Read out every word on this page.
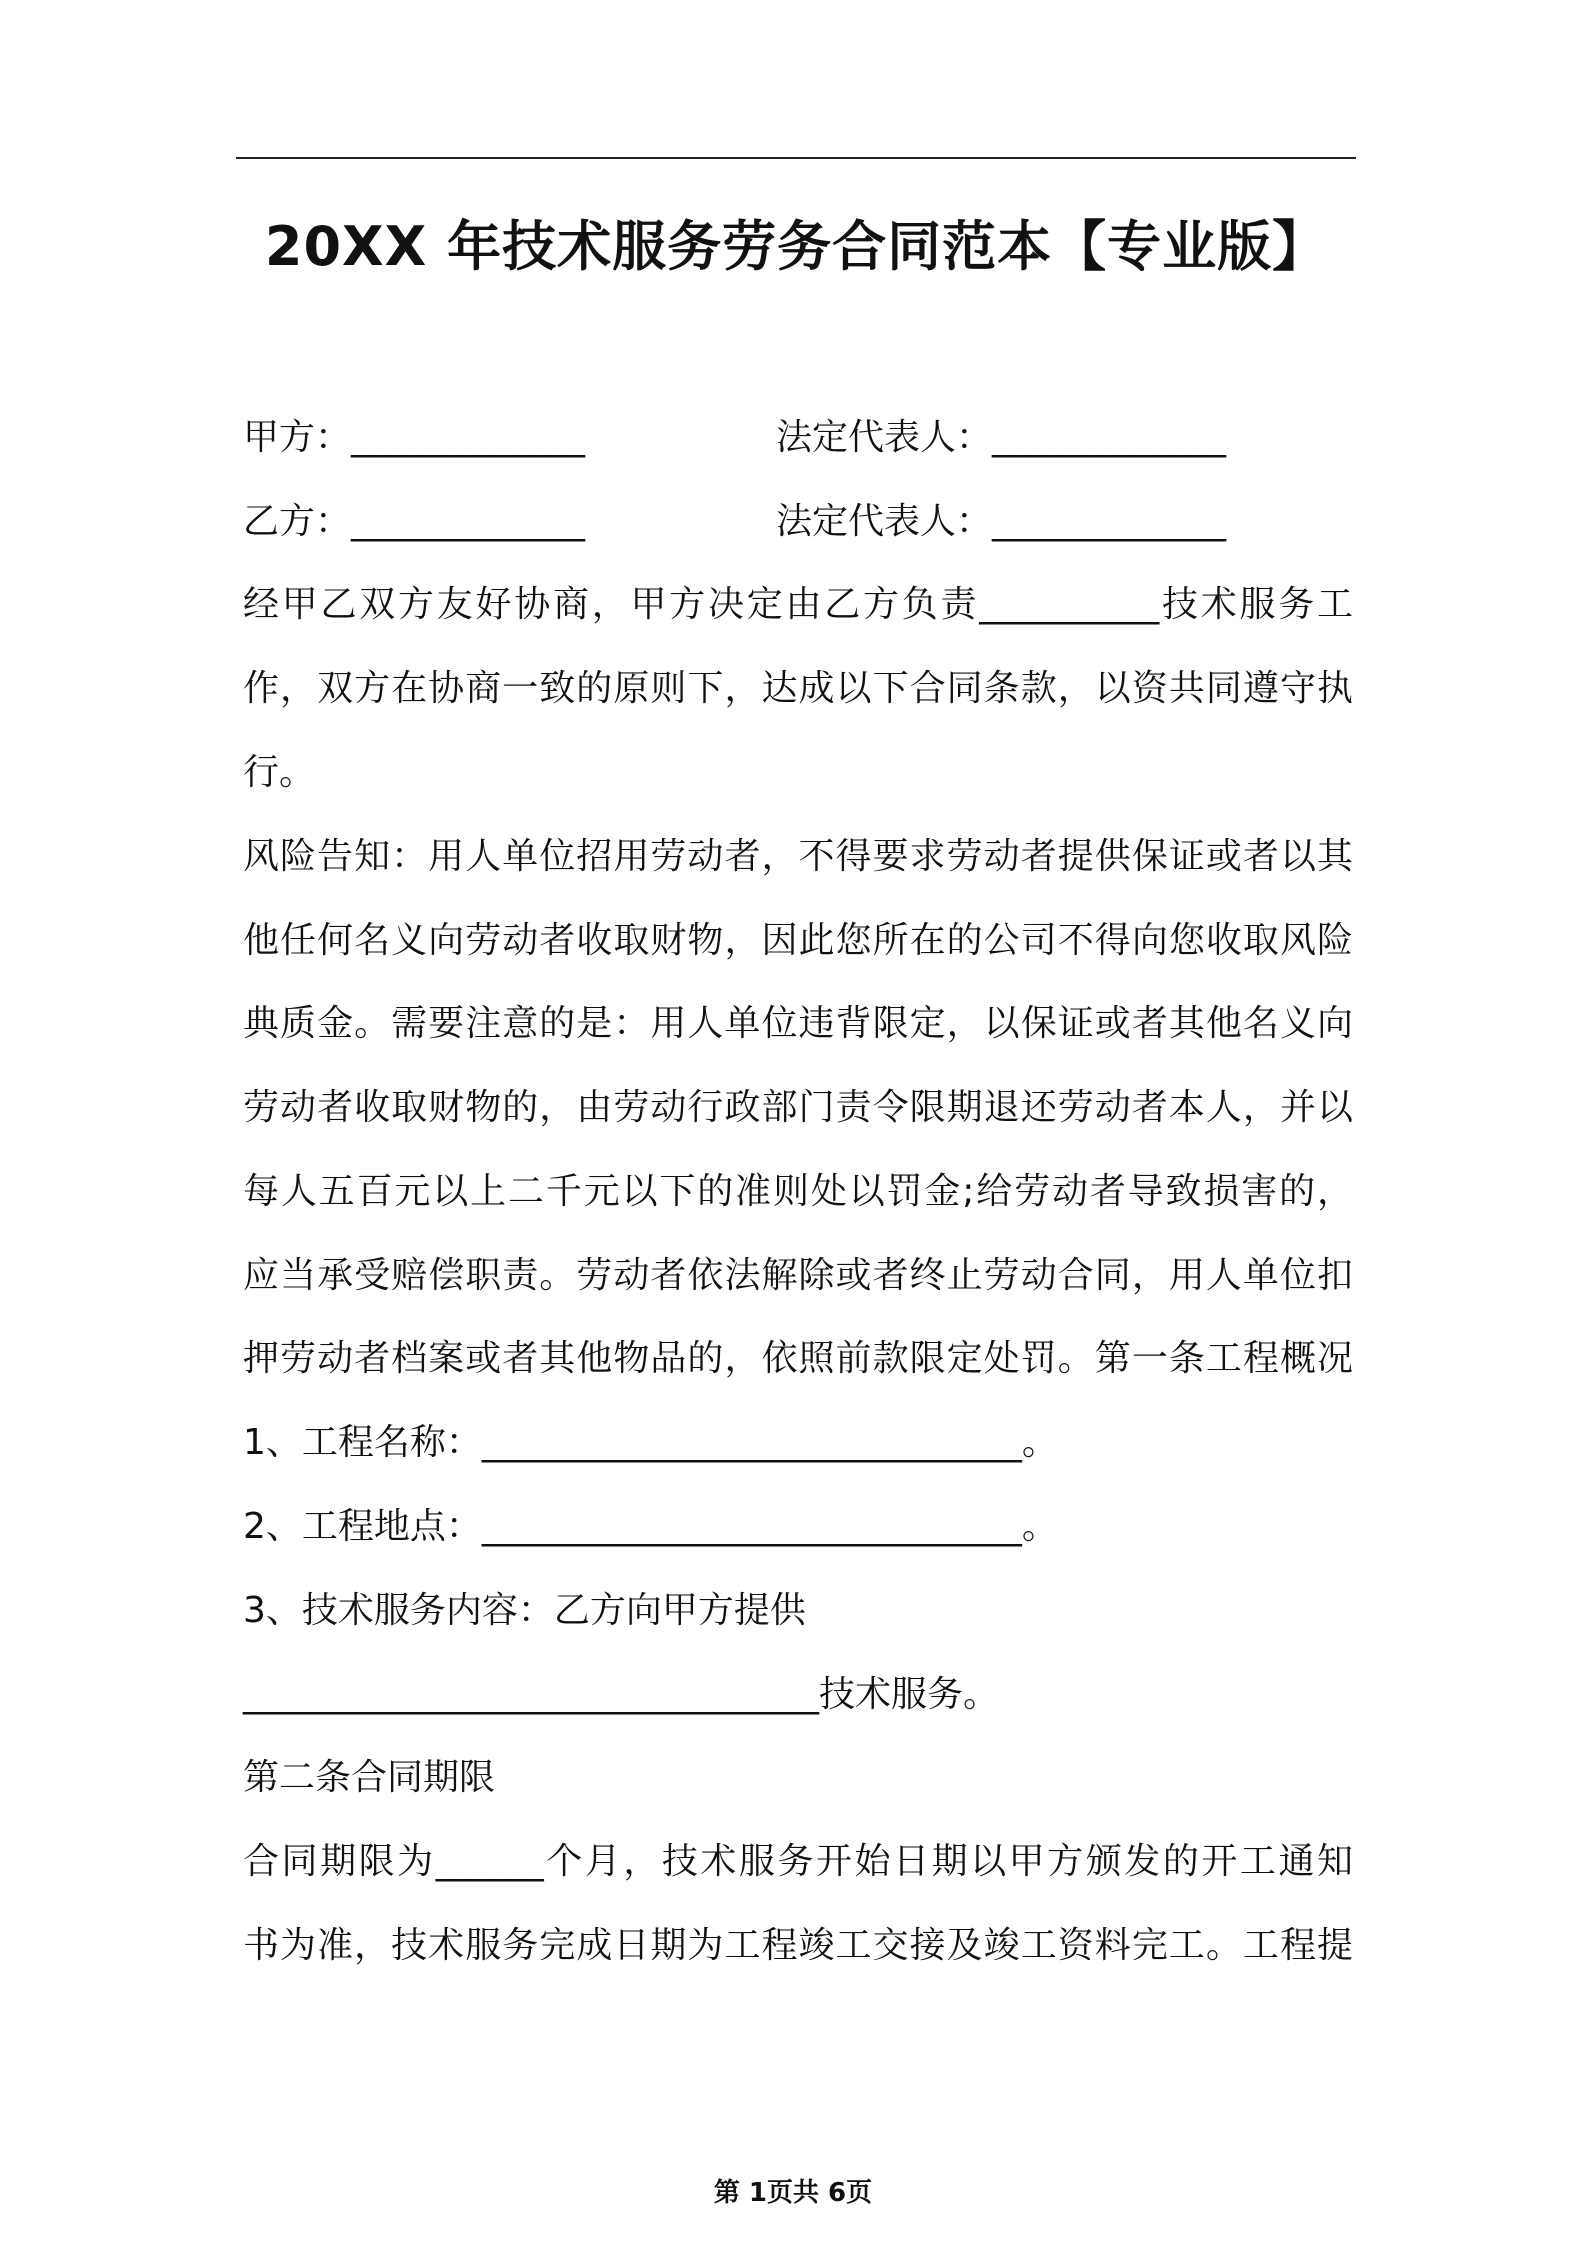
20XX 年技术服务劳务合同范本【专业版】

甲方：_____________	法定代表人：_____________

乙方：_____________	法定代表人：_____________

经甲乙双方友好协商，甲方决定由乙方负责__________技术服务工

作，双方在协商一致的原则下，达成以下合同条款，以资共同遵守执

行。

风险告知：用人单位招用劳动者，不得要求劳动者提供保证或者以其

他任何名义向劳动者收取财物，因此您所在的公司不得向您收取风险

典质金。需要注意的是：用人单位违背限定，以保证或者其他名义向

劳动者收取财物的，由劳动行政部门责令限期退还劳动者本人，并以

每人五百元以上二千元以下的准则处以罚金;给劳动者导致损害的，

应当承受赔偿职责。劳动者依法解除或者终止劳动合同，用人单位扣

押劳动者档案或者其他物品的，依照前款限定处罚。第一条工程概况

1、工程名称：______________________________。

2、工程地点：______________________________。

3、技术服务内容：乙方向甲方提供

________________________________技术服务。

第二条合同期限

合同期限为______个月，技术服务开始日期以甲方颁发的开工通知

书为准，技术服务完成日期为工程竣工交接及竣工资料完工。工程提

第 1页共 6页
